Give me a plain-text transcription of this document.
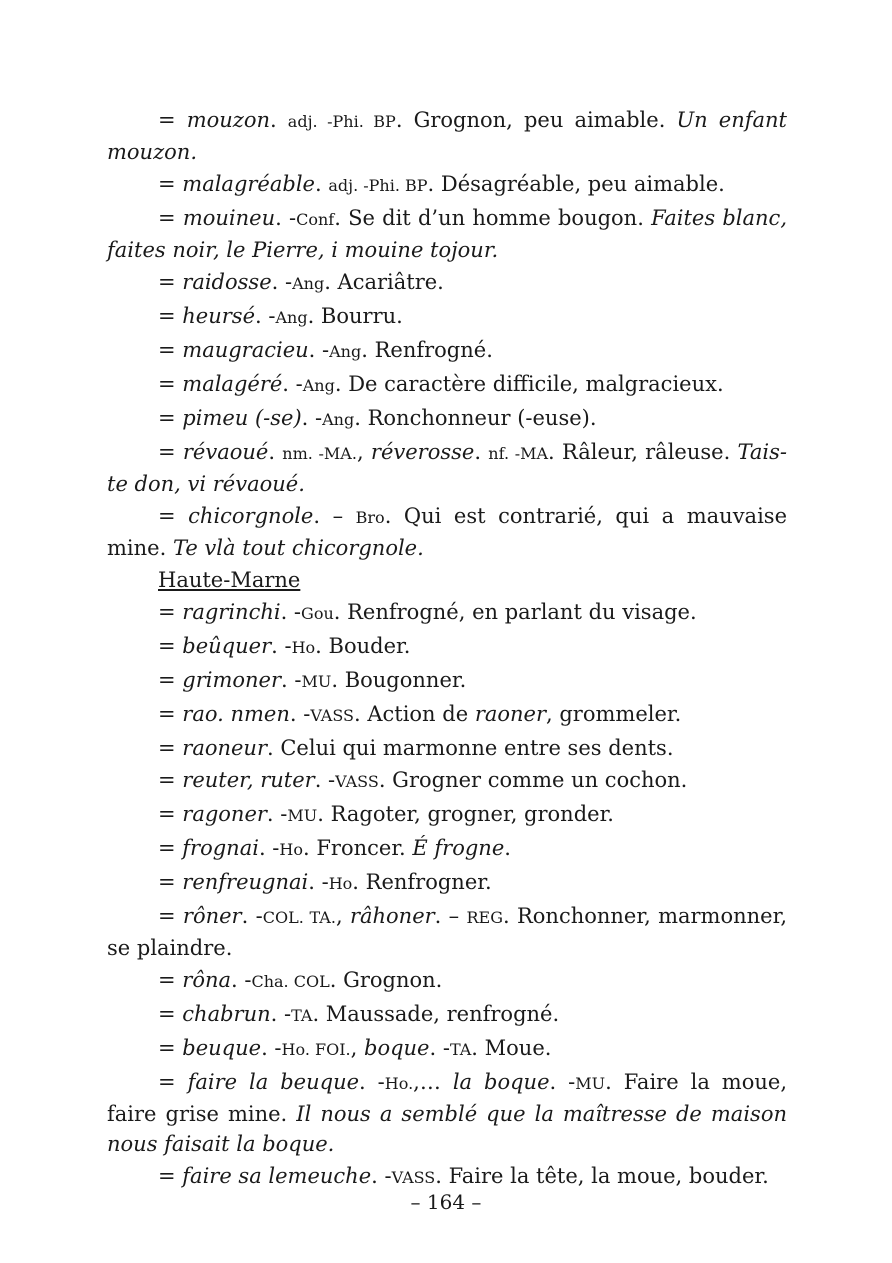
= mouzon. adj. -Phi. BP. Grognon, peu aimable. Un enfant mouzon.

= malagréable. adj. -Phi. BP. Désagréable, peu aimable.

= mouineu. -Conf. Se dit d’un homme bougon. Faites blanc, faites noir, le Pierre, i mouine tojour.

= raidosse. -Ang. Acariâtre.

= heursé. -Ang. Bourru.

= maugracieu. -Ang. Renfrogné.

= malagéré. -Ang. De caractère difficile, malgracieux.

= pimeu (-se). -Ang. Ronchonneur (-euse).

= révaoué. nm. -MA., réverosse. nf. -MA. Râleur, râleuse. Tais-te don, vi révaoué.

= chicorgnole. – Bro. Qui est contrarié, qui a mauvaise mine. Te vlà tout chicorgnole.

Haute-Marne

= ragrinchi. -Gou. Renfrogné, en parlant du visage.

= beûquer. -Ho. Bouder.

= grimoner. -MU. Bougonner.

= rao. nmen. -VASS. Action de raoner, grommeler.

= raoneur. Celui qui marmonne entre ses dents.

= reuter, ruter. -VASS. Grogner comme un cochon.

= ragoner. -MU. Ragoter, grogner, gronder.

= frognai. -Ho. Froncer. É frogne.

= renfreugnai. -Ho. Renfrogner.

= rôner. -COL. TA., râhoner. – REG. Ronchonner, marmonner, se plaindre.

= rôna. -Cha. COL. Grognon.

= chabrun. -TA. Maussade, renfrogné.

= beuque. -Ho. FOI., boque. -TA. Moue.

= faire la beuque. -Ho.,… la boque. -MU. Faire la moue, faire grise mine. Il nous a semblé que la maîtresse de maison nous faisait la boque.

= faire sa lemeuche. -VASS. Faire la tête, la moue, bouder.

– 164 –
